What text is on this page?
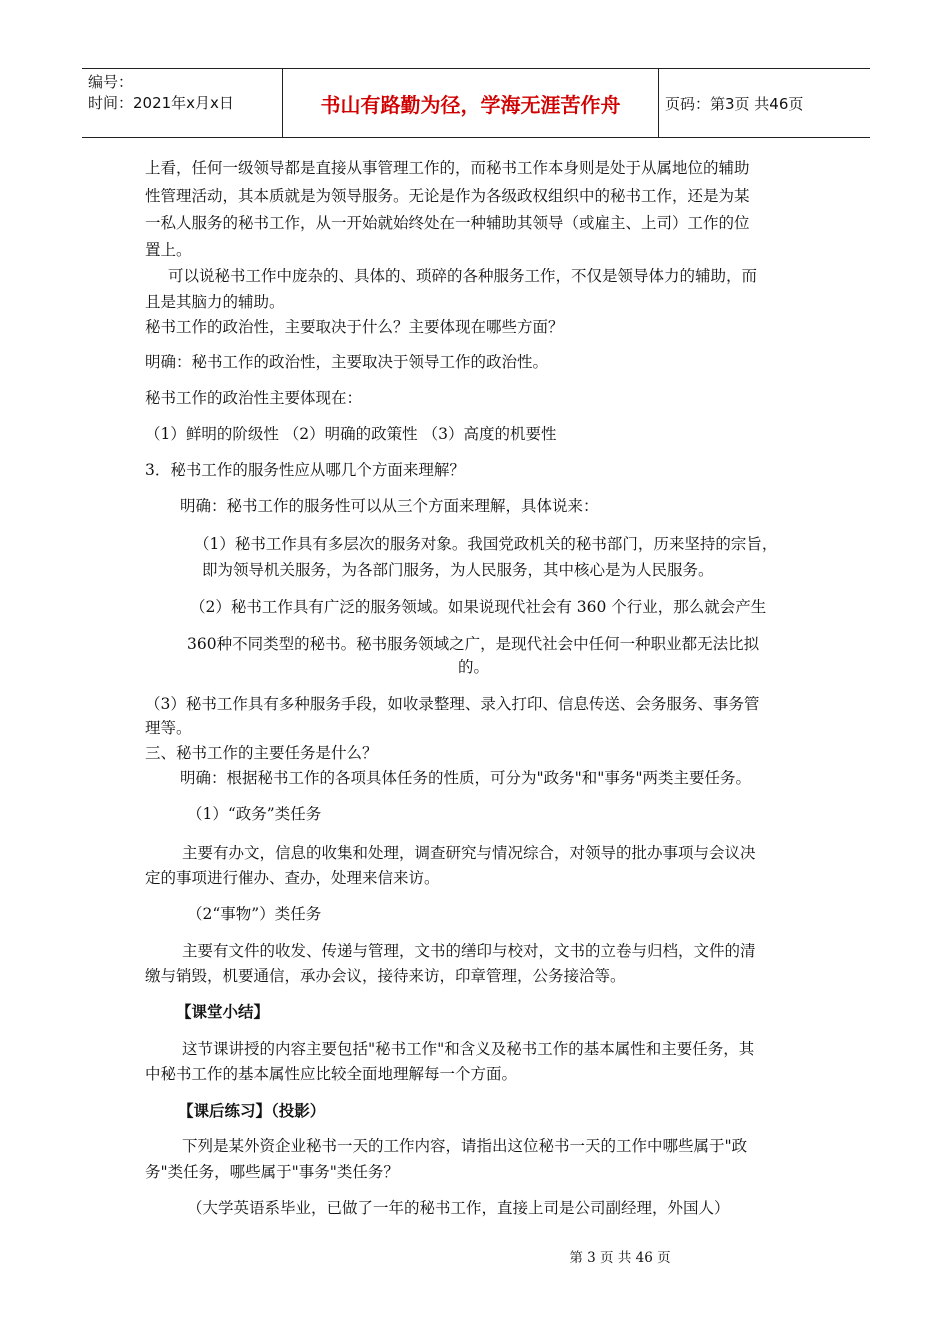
编号：
时间：2021年x月x日	书山有路勤为径，学海无涯苦作舟	页码：第3页 共46页
上看，任何一级领导都是直接从事管理工作的，而秘书工作本身则是处于从属地位的辅助
性管理活动，其本质就是为领导服务。无论是作为各级政权组织中的秘书工作，还是为某
一私人服务的秘书工作，从一开始就始终处在一种辅助其领导（或雇主、上司）工作的位
置上。
可以说秘书工作中庞杂的、具体的、琐碎的各种服务工作，不仅是领导体力的辅助，而
且是其脑力的辅助。
秘书工作的政治性，主要取决于什么？主要体现在哪些方面？
明确：秘书工作的政治性，主要取决于领导工作的政治性。
秘书工作的政治性主要体现在：
（1）鲜明的阶级性 （2）明确的政策性 （3）高度的机要性
3．秘书工作的服务性应从哪几个方面来理解？
明确：秘书工作的服务性可以从三个方面来理解，具体说来：
（1）秘书工作具有多层次的服务对象。我国党政机关的秘书部门，历来坚持的宗旨，
即为领导机关服务，为各部门服务，为人民服务，其中核心是为人民服务。
（2）秘书工作具有广泛的服务领域。如果说现代社会有 360 个行业，那么就会产生
360种不同类型的秘书。秘书服务领域之广，是现代社会中任何一种职业都无法比拟
的。
（3）秘书工作具有多种服务手段，如收录整理、录入打印、信息传送、会务服务、事务管
理等。
三、秘书工作的主要任务是什么？
明确：根据秘书工作的各项具体任务的性质，可分为"政务"和"事务"两类主要任务。
（1）“政务”类任务
主要有办文，信息的收集和处理，调查研究与情况综合，对领导的批办事项与会议决
定的事项进行催办、查办，处理来信来访。
（2“事物”）类任务
主要有文件的收发、传递与管理，文书的缮印与校对，文书的立卷与归档，文件的清
缴与销毁，机要通信，承办会议，接待来访，印章管理，公务接洽等。
【课堂小结】
这节课讲授的内容主要包括"秘书工作"和含义及秘书工作的基本属性和主要任务，其
中秘书工作的基本属性应比较全面地理解每一个方面。
【课后练习】（投影）
下列是某外资企业秘书一天的工作内容，请指出这位秘书一天的工作中哪些属于"政
务"类任务，哪些属于"事务"类任务？
（大学英语系毕业，已做了一年的秘书工作，直接上司是公司副经理，外国人）
第 3 页 共 46 页
